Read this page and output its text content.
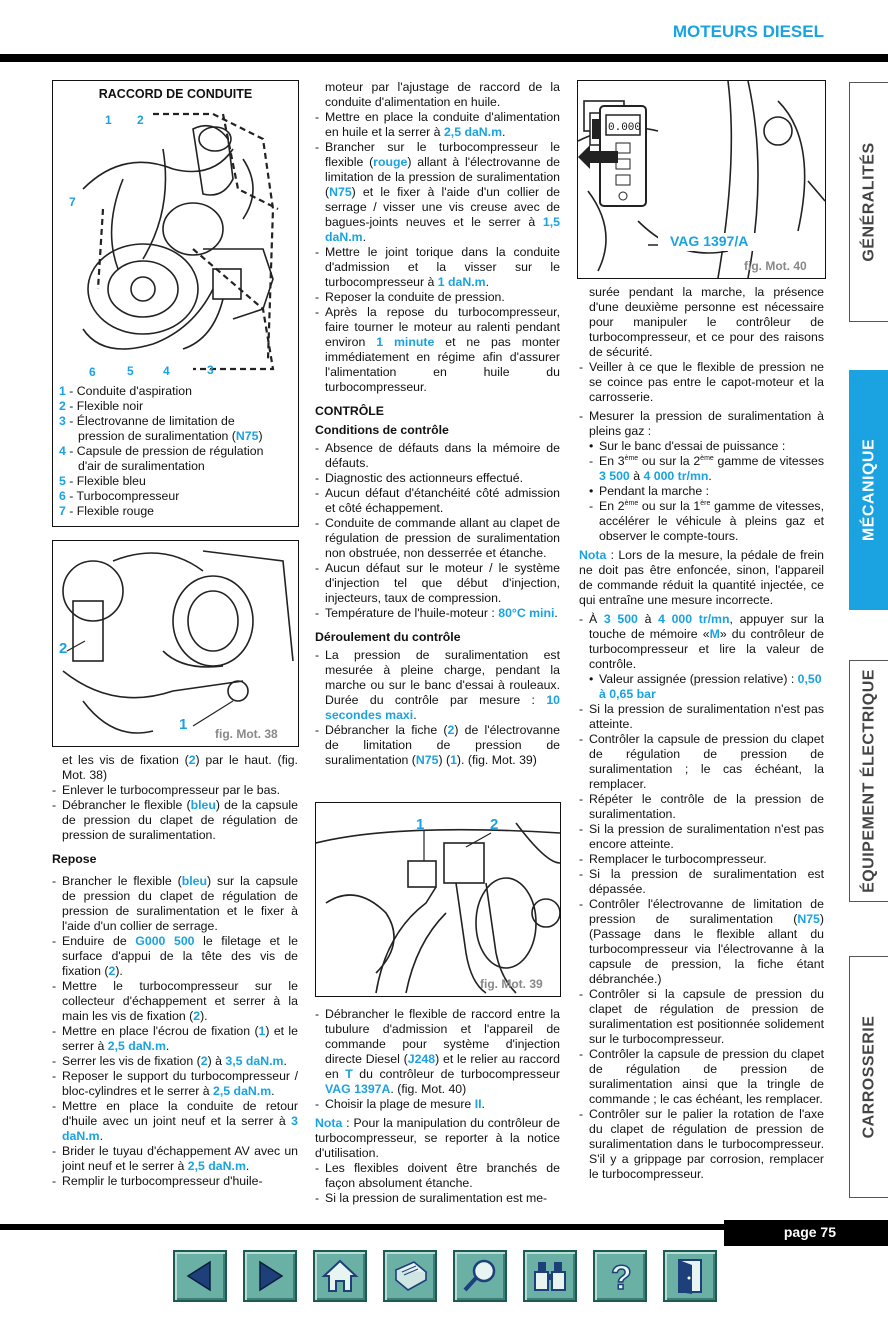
MOTEURS DIESEL
GÉNÉRALITÉS
MÉCANIQUE
ÉQUIPEMENT ÉLECTRIQUE
CARROSSERIE
RACCORD DE CONDUITE
1 2
7
6	5 4	3
1 - Conduite d'aspiration
2 - Flexible noir
3 - Électrovanne de limitation de
pression de suralimentation (N75)
4 - Capsule de pression de régulation
d'air de suralimentation
5 - Flexible bleu
6 - Turbocompresseur
7 - Flexible rouge
2
1
fig. Mot. 38

et les vis de fixation (2) par le haut. (fig. Mot. 38)

- Enlever le turbocompresseur par le bas.

- Débrancher le flexible (bleu) de la capsule de pression du clapet de régulation de pression de suralimentation.

Repose

- Brancher le flexible (bleu) sur la capsule de pression du clapet de régulation de pression de suralimentation et le fixer à l'aide d'un collier de serrage.

- Enduire de G000 500 le filetage et le surface d'appui de la tête des vis de fixation (2).

- Mettre le turbocompresseur sur le collecteur d'échappement et serrer à la main les vis de fixation (2).

- Mettre en place l'écrou de fixation (1) et le serrer à 2,5 daN.m.

- Serrer les vis de fixation (2) à 3,5 daN.m.

- Reposer le support du turbocompresseur / bloc-cylindres et le serrer à 2,5 daN.m.

- Mettre en place la conduite de retour d'huile avec un joint neuf et la serrer à 3 daN.m.

- Brider le tuyau d'échappement AV avec un joint neuf et le serrer à 2,5 daN.m.

- Remplir le turbocompresseur d'huile-

moteur par l'ajustage de raccord de la conduite d'alimentation en huile.

- Mettre en place la conduite d'alimentation en huile et la serrer à 2,5 daN.m.

- Brancher sur le turbocompresseur le flexible (rouge) allant à l'électrovanne de limitation de la pression de suralimentation (N75) et le fixer à l'aide d'un collier de serrage / visser une vis creuse avec de bagues-joints neuves et le serrer à 1,5 daN.m.

- Mettre le joint torique dans la conduite d'admission et la visser sur le turbocompresseur à 1 daN.m.

- Reposer la conduite de pression.

- Après la repose du turbocompresseur, faire tourner le moteur au ralenti pendant environ 1 minute et ne pas monter immédiatement en régime afin d'assurer l'alimentation en huile du turbocompresseur.

CONTRÔLE

Conditions de contrôle

- Absence de défauts dans la mémoire de défauts.

- Diagnostic des actionneurs effectué.

- Aucun défaut d'étanchéité côté admission et côté échappement.

- Conduite de commande allant au clapet de régulation de pression de suralimentation non obstruée, non desserrée et étanche.

- Aucun défaut sur le moteur / le système d'injection tel que début d'injection, injecteurs, taux de compression.

- Température de l'huile-moteur : 80°C mini.

Déroulement du contrôle

- La pression de suralimentation est mesurée à pleine charge, pendant la marche ou sur le banc d'essai à rouleaux. Durée du contrôle par mesure : 10 secondes maxi.

- Débrancher la fiche (2) de l'électrovanne de limitation de pression de suralimentation (N75) (1). (fig. Mot. 39)

1	2
fig. Mot. 39

- Débrancher le flexible de raccord entre la tubulure d'admission et l'appareil de commande pour système d'injection directe Diesel (J248) et le relier au raccord en T du contrôleur de turbocompresseur VAG 1397A. (fig. Mot. 40)

- Choisir la plage de mesure II.

Nota : Pour la manipulation du contrôleur de turbocompresseur, se reporter à la notice d'utilisation.

- Les flexibles doivent être branchés de façon absolument étanche.

- Si la pression de suralimentation est me-

0.000
VAG 1397/A
fig. Mot. 40

surée pendant la marche, la présence d'une deuxième personne est nécessaire pour manipuler le contrôleur de turbocompresseur, et ce pour des raisons de sécurité.

- Veiller à ce que le flexible de pression ne se coince pas entre le capot-moteur et la carrosserie.

- Mesurer la pression de suralimentation à pleins gaz :

• Sur le banc d'essai de puissance :

- En 3ème ou sur la 2ème gamme de vitesses 3 500 à 4 000 tr/mn.

• Pendant la marche :

- En 2ème ou sur la 1ère gamme de vitesses, accélérer le véhicule à pleins gaz et observer le compte-tours.

Nota : Lors de la mesure, la pédale de frein ne doit pas être enfoncée, sinon, l'appareil de commande réduit la quantité injectée, ce qui entraîne une mesure incorrecte.

- À 3 500 à 4 000 tr/mn, appuyer sur la touche de mémoire «M» du contrôleur de turbocompresseur et lire la valeur de contrôle.

• Valeur assignée (pression relative) : 0,50 à 0,65 bar

- Si la pression de suralimentation n'est pas atteinte.

- Contrôler la capsule de pression du clapet de régulation de pression de suralimentation ; le cas échéant, la remplacer.

- Répéter le contrôle de la pression de suralimentation.

- Si la pression de suralimentation n'est pas encore atteinte.

- Remplacer le turbocompresseur.

- Si la pression de suralimentation est dépassée.

- Contrôler l'électrovanne de limitation de pression de suralimentation (N75) (Passage dans le flexible allant du turbocompresseur via l'électrovanne à la capsule de pression, la fiche étant débranchée.)

- Contrôler si la capsule de pression du clapet de régulation de pression de suralimentation est positionnée solidement sur le turbocompresseur.

- Contrôler la capsule de pression du clapet de régulation de pression de suralimentation ainsi que la tringle de commande ; le cas échéant, les remplacer.

- Contrôler sur le palier la rotation de l'axe du clapet de régulation de pression de suralimentation dans le turbocompresseur. S'il y a grippage par corrosion, remplacer le turbocompresseur.

page 75
?
